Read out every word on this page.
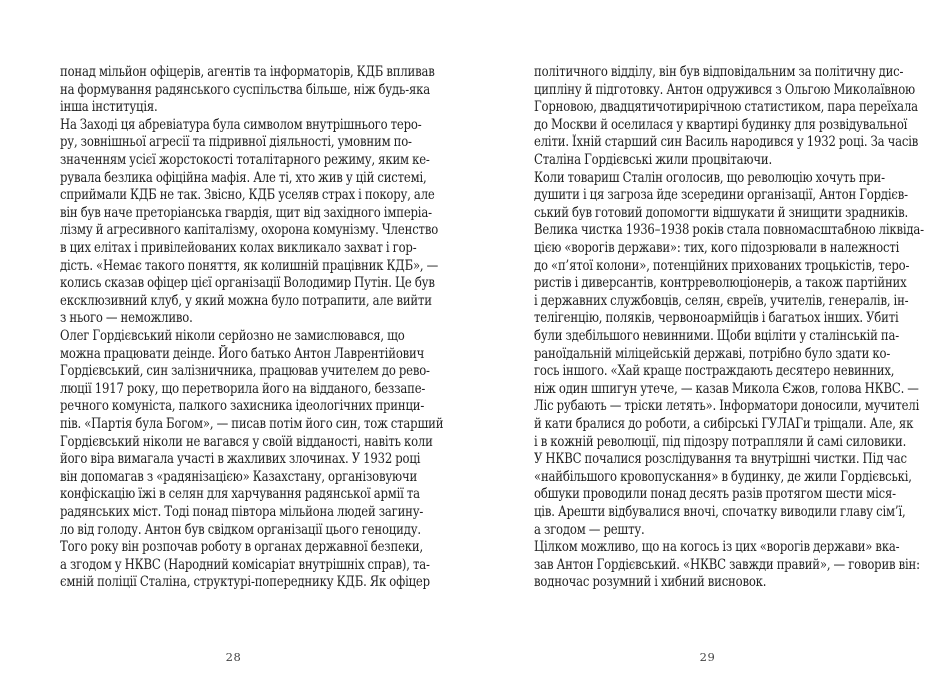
28
понад мільйон офіцерів, агентів та інформаторів, КДБ впливав
на формування радянського суспільства більше, ніж будь-яка
інша інституція.
На Заході ця абревіатура була символом внутрішнього теро-
ру, зовнішньої агресії та підривної діяльності, умовним по-
значенням усієї жорстокості тоталітарного режиму, яким ке-
рувала безлика офіційна мафія. Але ті, хто жив у цій системі,
сприймали КДБ не так. Звісно, КДБ уселяв страх і покору, але
він був наче преторіанська гвардія, щит від західного імперіа-
лізму й агресивного капіталізму, охорона комунізму. Членство
в цих елітах і привілейованих колах викликало захват і гор-
дість. «Немає такого поняття, як колишній працівник КДБ», —
колись сказав офіцер цієї організації Володимир Путін. Це був
ексклюзивний клуб, у який можна було потрапити, але вийти
з нього — неможливо.
Олег Гордієвський ніколи серйозно не замислювався, що
можна працювати деінде. Його батько Антон Лаврентійович
Гордієвський, син залізничника, працював учителем до рево-
люції 1917 року, що перетворила його на відданого, беззапе-
речного комуніста, палкого захисника ідеологічних принци-
пів. «Партія була Богом», — писав потім його син, тож старший
Гордієвський ніколи не вагався у своїй відданості, навіть коли
його віра вимагала участі в жахливих злочинах. У 1932 році
він допомагав з «радянізацією» Казахстану, організовуючи
конфіскацію їжі в селян для харчування радянської армії та
радянських міст. Тоді понад півтора мільйона людей загину-
ло від голоду. Антон був свідком організації цього геноциду.
Того року він розпочав роботу в органах державної безпеки,
а згодом у НКВС (Народний комісаріат внутрішніх справ), та-
ємній поліції Сталіна, структурі-попереднику КДБ. Як офіцер
29
політичного відділу, він був відповідальним за політичну дис-
ципліну й підготовку. Антон одружився з Ольгою Миколаївною
Горновою, двадцятичотирирічною статистиком, пара переїхала
до Москви й оселилася у квартирі будинку для розвідувальної
еліти. Їхній старший син Василь народився у 1932 році. За часів
Сталіна Гордієвські жили процвітаючи.
Коли товариш Сталін оголосив, що революцію хочуть при-
душити і ця загроза йде зсередини організації, Антон Гордієв-
ський був готовий допомогти відшукати й знищити зрадників.
Велика чистка 1936–1938 років стала повномасштабною ліквіда-
цією «ворогів держави»: тих, кого підозрювали в належності
до «п’ятої колони», потенційних прихованих троцькістів, теро-
ристів і диверсантів, контрреволюціонерів, а також партійних
і державних службовців, селян, євреїв, учителів, генералів, ін-
телігенцію, поляків, червоноармійців і багатьох інших. Убиті
були здебільшого невинними. Щоби вціліти у сталінській па-
раноїдальній міліцейській державі, потрібно було здати ко-
гось іншого. «Хай краще постраждають десятеро невинних,
ніж один шпигун утече, — казав Микола Єжов, голова НКВС. —
Ліс рубають — тріски летять». Інформатори доносили, мучителі
й кати бралися до роботи, а сибірські ГУЛАГи тріщали. Але, як
і в кожній революції, під підозру потрапляли й самі силовики.
У НКВС почалися розслідування та внутрішні чистки. Під час
«найбільшого кровопускання» в будинку, де жили Гордієвські,
обшуки проводили понад десять разів протягом шести міся-
ців. Арешти відбувалися вночі, спочатку виводили главу сім’ї,
а згодом — решту.
Цілком можливо, що на когось із цих «ворогів держави» вка-
зав Антон Гордієвський. «НКВС завжди правий», — говорив він:
водночас розумний і хибний висновок.
